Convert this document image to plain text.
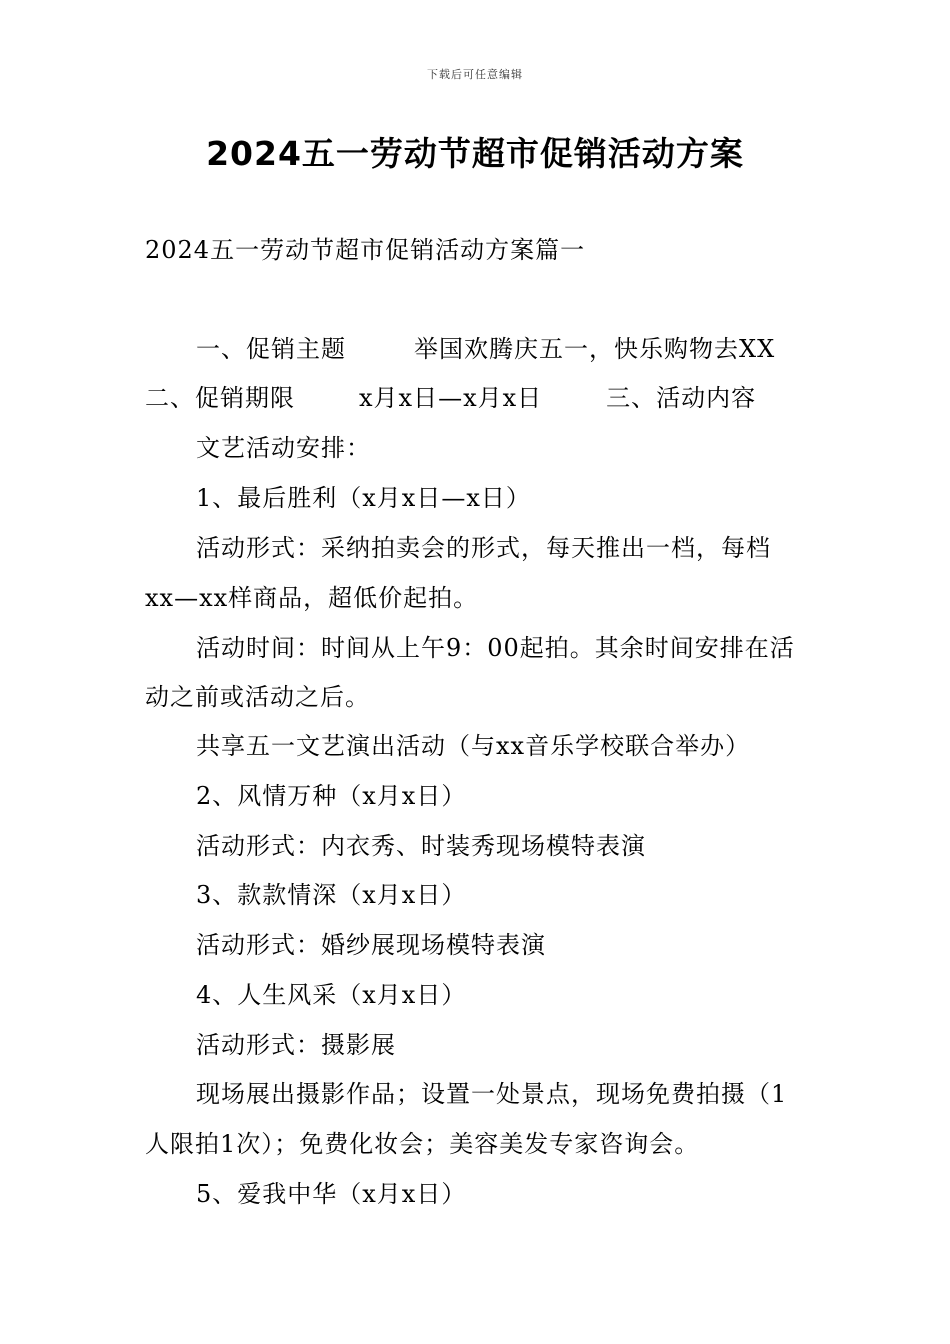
下载后可任意编辑
2024五一劳动节超市促销活动方案
2024五一劳动节超市促销活动方案篇一
一、促销主题	举国欢腾庆五一，快乐购物去XX
二、促销期限	x月x日—x月x日	三、活动内容
文艺活动安排：
1、最后胜利（x月x日—x日）
活动形式：采纳拍卖会的形式，每天推出一档，每档
xx—xx样商品，超低价起拍。
活动时间：时间从上午9：00起拍。其余时间安排在活
动之前或活动之后。
共享五一文艺演出活动（与xx音乐学校联合举办）
2、风情万种（x月x日）
活动形式：内衣秀、时装秀现场模特表演
3、款款情深（x月x日）
活动形式：婚纱展现场模特表演
4、人生风采（x月x日）
活动形式：摄影展
现场展出摄影作品；设置一处景点，现场免费拍摄（1
人限拍1次）；免费化妆会；美容美发专家咨询会。
5、爱我中华（x月x日）
